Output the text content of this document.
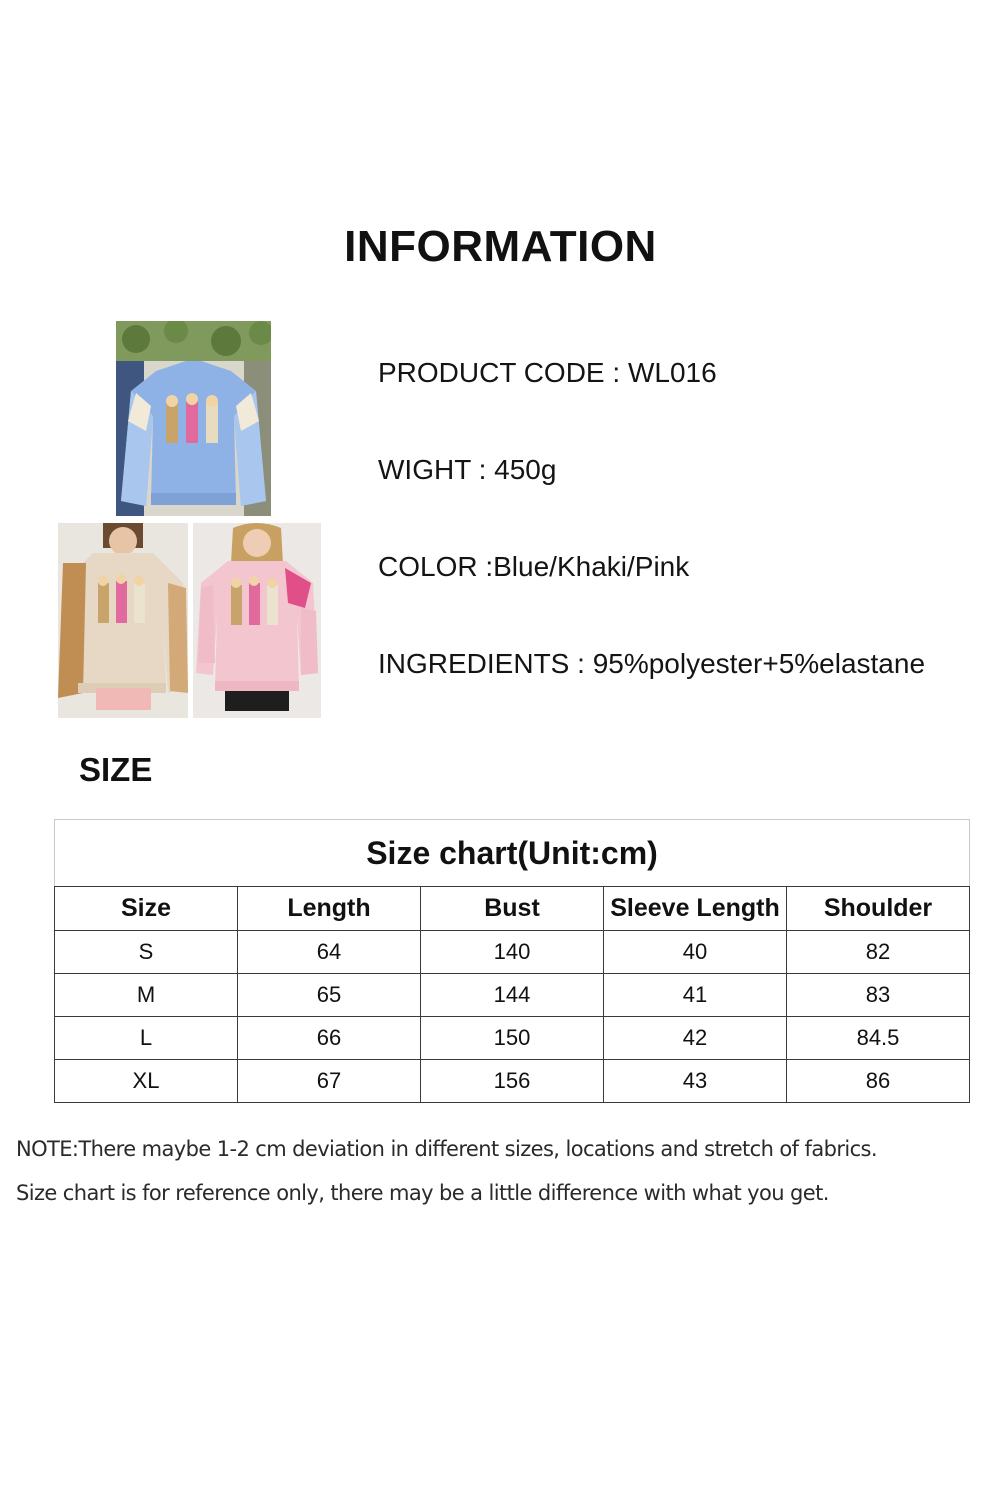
INFORMATION
PRODUCT CODE : WL016
WIGHT : 450g
COLOR :Blue/Khaki/Pink
INGREDIENTS : 95%polyester+5%elastane
SIZE
Size chart(Unit:cm)				
Size	Length	Bust	Sleeve Length	Shoulder
S	64	140	40	82
M	65	144	41	83
L	66	150	42	84.5
XL	67	156	43	86
NOTE:There maybe 1-2 cm deviation in different sizes, locations and stretch of fabrics.
Size chart is for reference only, there may be a little difference with what you get.
